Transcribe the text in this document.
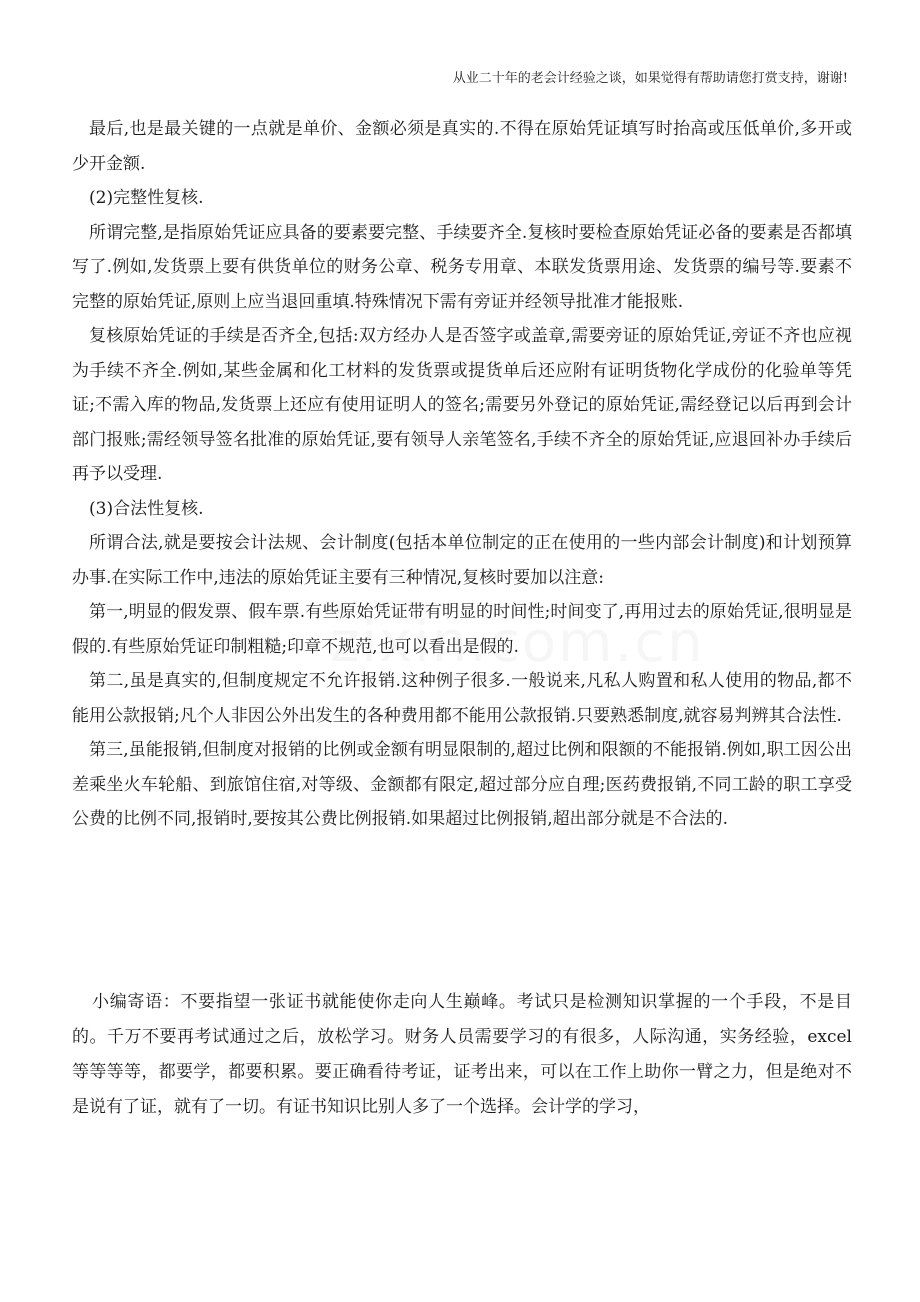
从业二十年的老会计经验之谈，如果觉得有帮助请您打赏支持，谢谢!

最后,也是最关键的一点就是单价、金额必须是真实的.不得在原始凭证填写时抬高或压低单价,多开或少开金额.

(2)完整性复核.

所谓完整,是指原始凭证应具备的要素要完整、手续要齐全.复核时要检查原始凭证必备的要素是否都填写了.例如,发货票上要有供货单位的财务公章、税务专用章、本联发货票用途、发货票的编号等.要素不完整的原始凭证,原则上应当退回重填.特殊情况下需有旁证并经领导批准才能报账.

复核原始凭证的手续是否齐全,包括:双方经办人是否签字或盖章,需要旁证的原始凭证,旁证不齐也应视为手续不齐全.例如,某些金属和化工材料的发货票或提货单后还应附有证明货物化学成份的化验单等凭证;不需入库的物品,发货票上还应有使用证明人的签名;需要另外登记的原始凭证,需经登记以后再到会计部门报账;需经领导签名批准的原始凭证,要有领导人亲笔签名,手续不齐全的原始凭证,应退回补办手续后再予以受理.

(3)合法性复核.

所谓合法,就是要按会计法规、会计制度(包括本单位制定的正在使用的一些内部会计制度)和计划预算办事.在实际工作中,违法的原始凭证主要有三种情况,复核时要加以注意:

第一,明显的假发票、假车票.有些原始凭证带有明显的时间性;时间变了,再用过去的原始凭证,很明显是假的.有些原始凭证印制粗糙;印章不规范,也可以看出是假的.

第二,虽是真实的,但制度规定不允许报销.这种例子很多.一般说来,凡私人购置和私人使用的物品,都不能用公款报销;凡个人非因公外出发生的各种费用都不能用公款报销.只要熟悉制度,就容易判辨其合法性.

第三,虽能报销,但制度对报销的比例或金额有明显限制的,超过比例和限额的不能报销.例如,职工因公出差乘坐火车轮船、到旅馆住宿,对等级、金额都有限定,超过部分应自理;医药费报销,不同工龄的职工享受公费的比例不同,报销时,要按其公费比例报销.如果超过比例报销,超出部分就是不合法的.

小编寄语：不要指望一张证书就能使你走向人生巅峰。考试只是检测知识掌握的一个手段，不是目的。千万不要再考试通过之后，放松学习。财务人员需要学习的有很多，人际沟通，实务经验，excel 等等等等，都要学，都要积累。要正确看待考证，证考出来，可以在工作上助你一臂之力，但是绝对不是说有了证，就有了一切。有证书知识比别人多了一个选择。会计学的学习，
